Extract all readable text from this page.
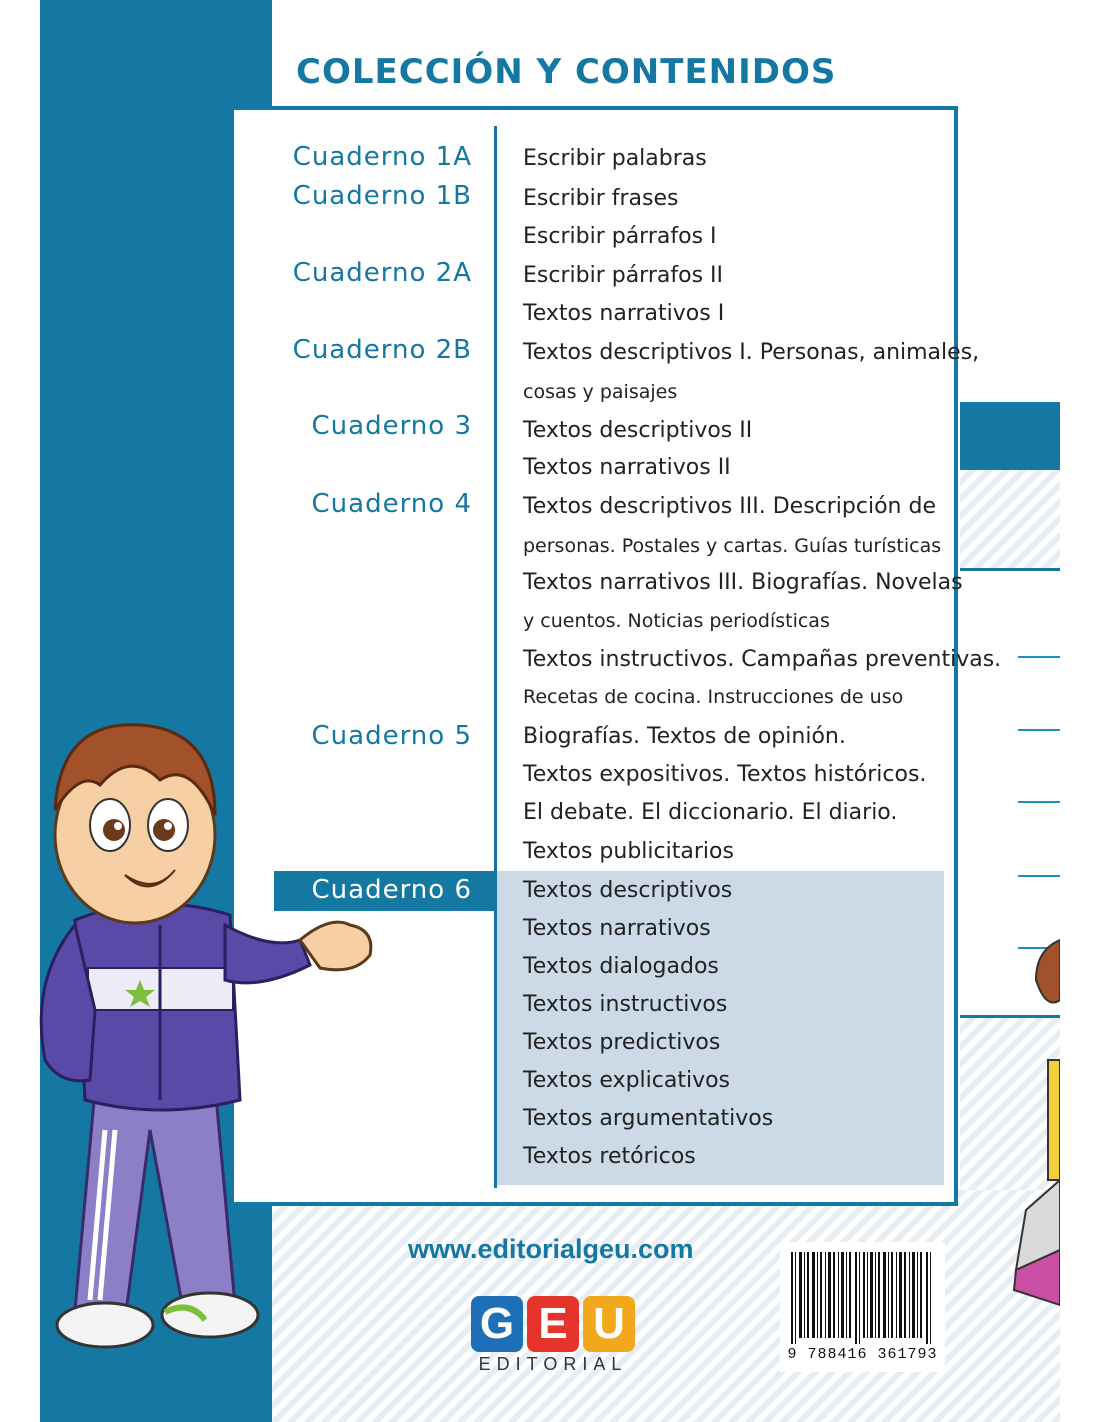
COLECCIÓN Y CONTENIDOS
Cuaderno 1A
Cuaderno 1B
Cuaderno 2A
Cuaderno 2B
Cuaderno 3
Cuaderno 4
Cuaderno 5
Cuaderno 6
Escribir palabras
Escribir frases
Escribir párrafos I
Escribir párrafos II
Textos narrativos I
Textos descriptivos I. Personas, animales,
cosas y paisajes
Textos descriptivos II
Textos narrativos II
Textos descriptivos III. Descripción de
personas. Postales y cartas. Guías turísticas
Textos narrativos III. Biografías. Novelas
y cuentos. Noticias periodísticas
Textos instructivos. Campañas preventivas.
Recetas de cocina. Instrucciones de uso
Biografías. Textos de opinión.
Textos expositivos. Textos históricos.
El debate. El diccionario. El diario.
Textos publicitarios
Textos descriptivos
Textos narrativos
Textos dialogados
Textos instructivos
Textos predictivos
Textos explicativos
Textos argumentativos
Textos retóricos
www.editorialgeu.com
G E U
EDITORIAL	9 788416 361793
